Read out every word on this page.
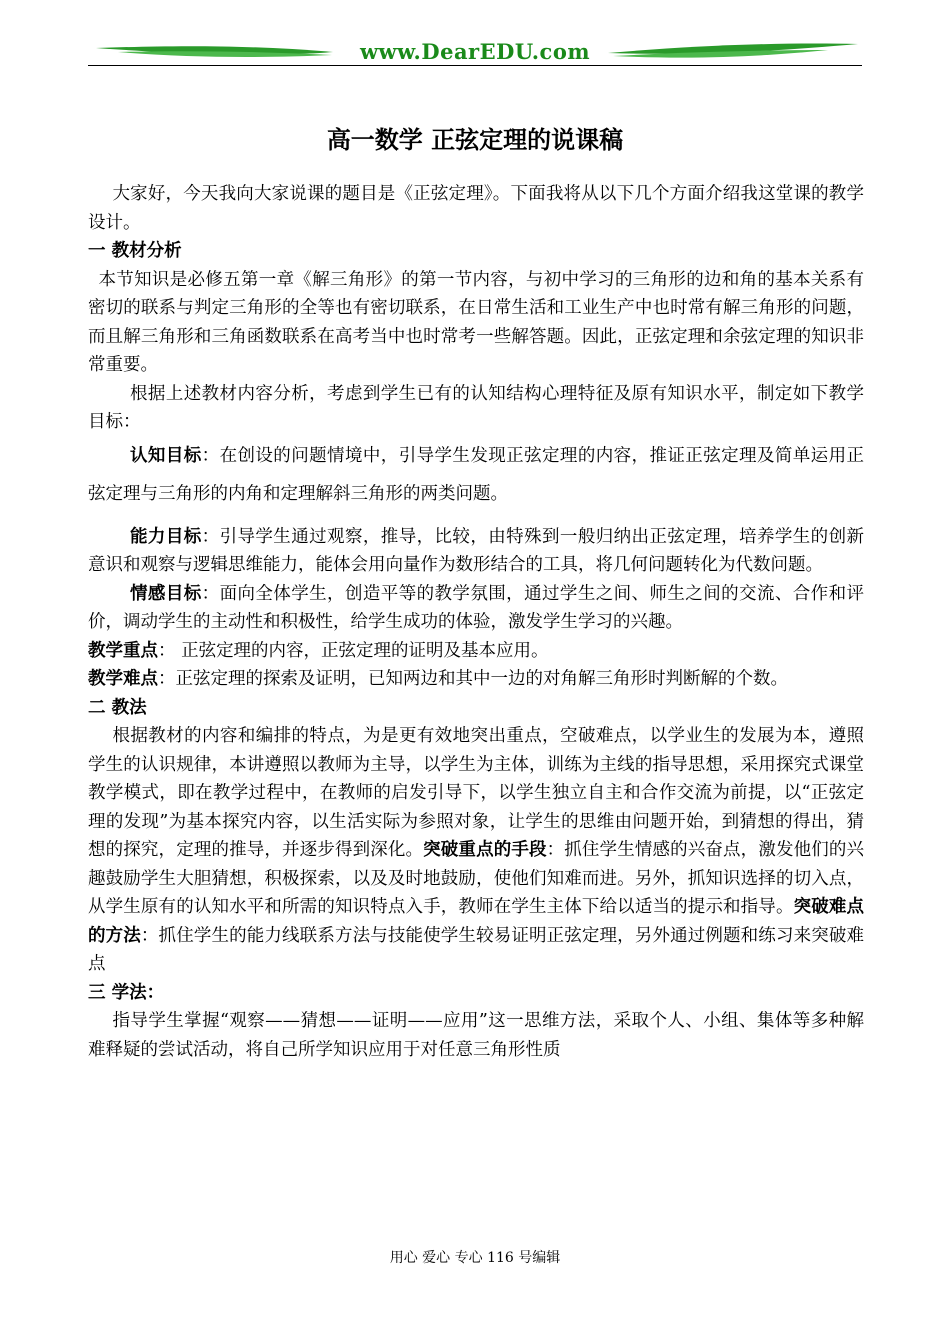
www.DearEDU.com
高一数学 正弦定理的说课稿

大家好，今天我向大家说课的题目是《正弦定理》。下面我将从以下几个方面介绍我这堂课的教学设计。

一 教材分析

本节知识是必修五第一章《解三角形》的第一节内容，与初中学习的三角形的边和角的基本关系有密切的联系与判定三角形的全等也有密切联系，在日常生活和工业生产中也时常有解三角形的问题，而且解三角形和三角函数联系在高考当中也时常考一些解答题。因此，正弦定理和余弦定理的知识非常重要。

根据上述教材内容分析，考虑到学生已有的认知结构心理特征及原有知识水平，制定如下教学目标：

认知目标：在创设的问题情境中，引导学生发现正弦定理的内容，推证正弦定理及简单运用正弦定理与三角形的内角和定理解斜三角形的两类问题。

能力目标：引导学生通过观察，推导，比较，由特殊到一般归纳出正弦定理，培养学生的创新意识和观察与逻辑思维能力，能体会用向量作为数形结合的工具，将几何问题转化为代数问题。

情感目标：面向全体学生，创造平等的教学氛围，通过学生之间、师生之间的交流、合作和评价，调动学生的主动性和积极性，给学生成功的体验，激发学生学习的兴趣。

教学重点： 正弦定理的内容，正弦定理的证明及基本应用。

教学难点：正弦定理的探索及证明，已知两边和其中一边的对角解三角形时判断解的个数。

二 教法

根据教材的内容和编排的特点，为是更有效地突出重点，空破难点，以学业生的发展为本，遵照学生的认识规律，本讲遵照以教师为主导，以学生为主体，训练为主线的指导思想，采用探究式课堂教学模式，即在教学过程中，在教师的启发引导下，以学生独立自主和合作交流为前提，以“正弦定理的发现”为基本探究内容，以生活实际为参照对象，让学生的思维由问题开始，到猜想的得出，猜想的探究，定理的推导，并逐步得到深化。突破重点的手段：抓住学生情感的兴奋点，激发他们的兴趣鼓励学生大胆猜想，积极探索，以及及时地鼓励，使他们知难而进。另外，抓知识选择的切入点，从学生原有的认知水平和所需的知识特点入手，教师在学生主体下给以适当的提示和指导。突破难点的方法：抓住学生的能力线联系方法与技能使学生较易证明正弦定理，另外通过例题和练习来突破难点

三 学法：

指导学生掌握“观察——猜想——证明——应用”这一思维方法，采取个人、小组、集体等多种解难释疑的尝试活动，将自己所学知识应用于对任意三角形性质

用心 爱心 专心 116 号编辑
